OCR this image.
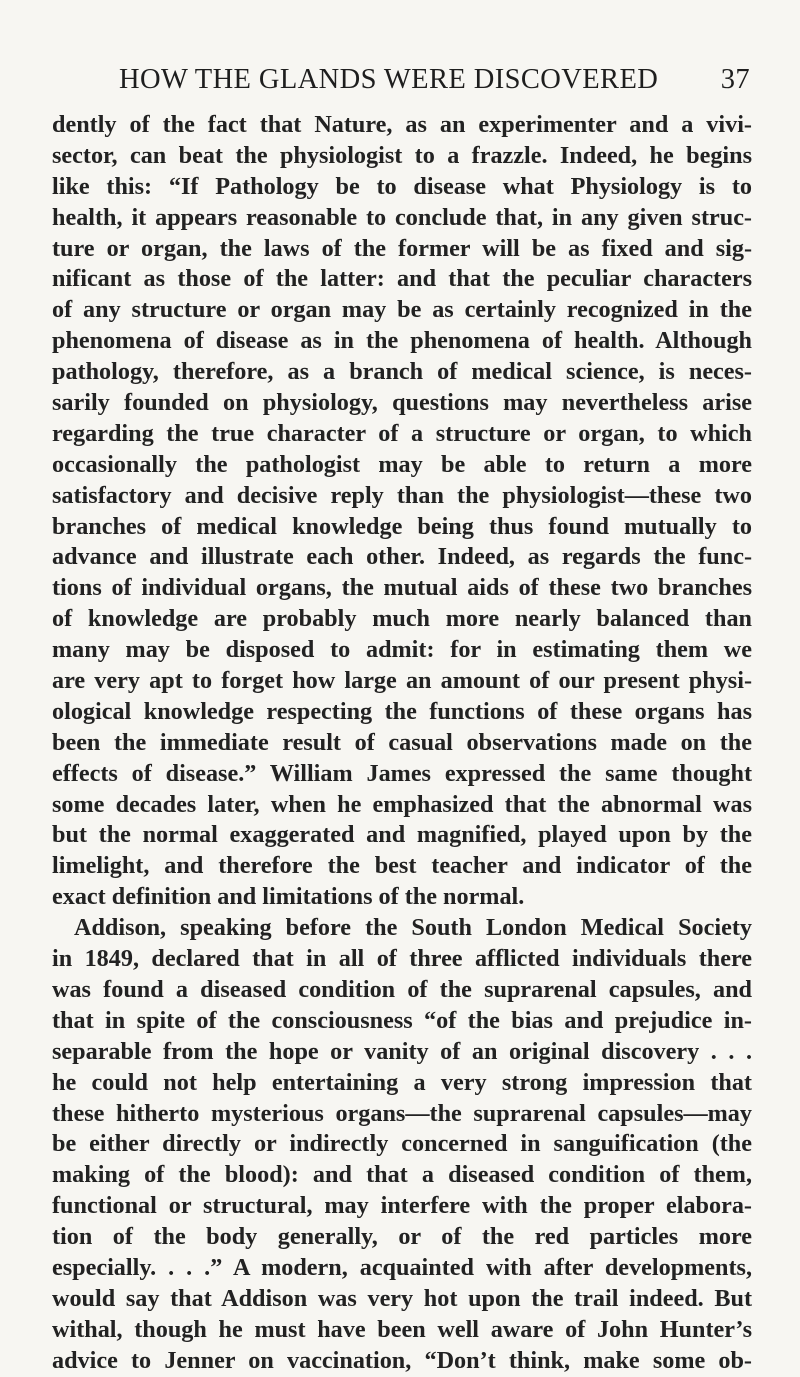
HOW THE GLANDS WERE DISCOVERED 37
dently of the fact that Nature, as an experimenter and a vivi-
sector, can beat the physiologist to a frazzle. Indeed, he begins
like this: “If Pathology be to disease what Physiology is to
health, it appears reasonable to conclude that, in any given struc-
ture or organ, the laws of the former will be as fixed and sig-
nificant as those of the latter: and that the peculiar characters
of any structure or organ may be as certainly recognized in the
phenomena of disease as in the phenomena of health. Although
pathology, therefore, as a branch of medical science, is neces-
sarily founded on physiology, questions may nevertheless arise
regarding the true character of a structure or organ, to which
occasionally the pathologist may be able to return a more
satisfactory and decisive reply than the physiologist—these two
branches of medical knowledge being thus found mutually to
advance and illustrate each other. Indeed, as regards the func-
tions of individual organs, the mutual aids of these two branches
of knowledge are probably much more nearly balanced than
many may be disposed to admit: for in estimating them we
are very apt to forget how large an amount of our present physi-
ological knowledge respecting the functions of these organs has
been the immediate result of casual observations made on the
effects of disease.” William James expressed the same thought
some decades later, when he emphasized that the abnormal was
but the normal exaggerated and magnified, played upon by the
limelight, and therefore the best teacher and indicator of the
exact definition and limitations of the normal.
Addison, speaking before the South London Medical Society
in 1849, declared that in all of three afflicted individuals there
was found a diseased condition of the suprarenal capsules, and
that in spite of the consciousness “of the bias and prejudice in-
separable from the hope or vanity of an original discovery . . .
he could not help entertaining a very strong impression that
these hitherto mysterious organs—the suprarenal capsules—may
be either directly or indirectly concerned in sanguification (the
making of the blood): and that a diseased condition of them,
functional or structural, may interfere with the proper elabora-
tion of the body generally, or of the red particles more
especially. . . .” A modern, acquainted with after developments,
would say that Addison was very hot upon the trail indeed. But
withal, though he must have been well aware of John Hunter’s
advice to Jenner on vaccination, “Don’t think, make some ob-
